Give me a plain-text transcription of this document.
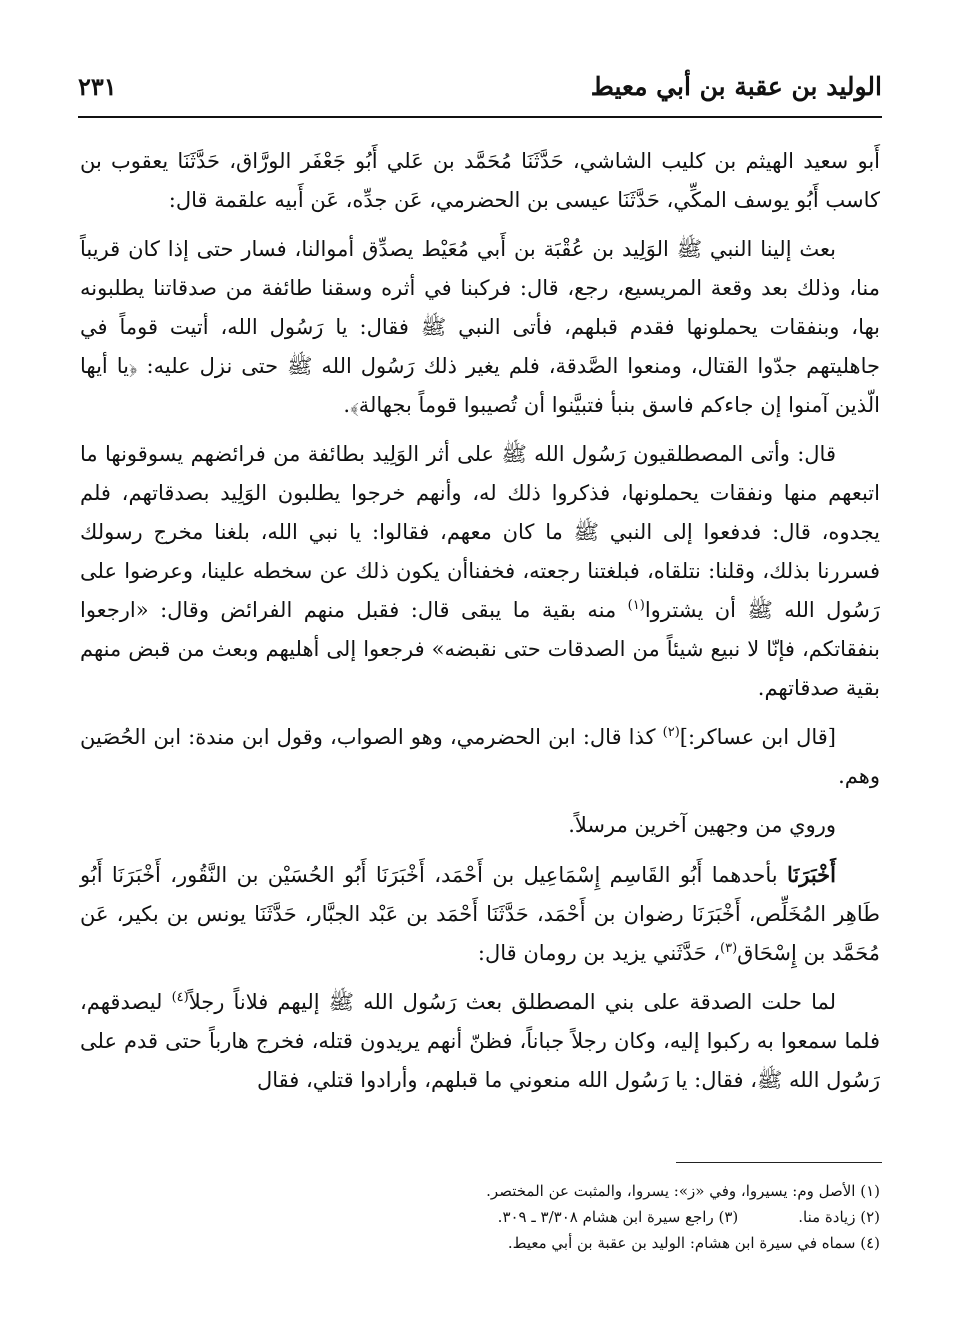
الوليد بن عقبة بن أبي معيط
٢٣١

أَبو سعيد الهيثم بن كليب الشاشي، حَدَّثَنَا مُحَمَّد بن عَلي أَبُو جَعْفَر الورَّاق، حَدَّثَنَا يعقوب بن كاسب أَبُو يوسف المكِّي، حَدَّثَنَا عيسى بن الحضرمي، عَن جدِّه، عَن أَبيه علقمة قال:

بعث إلينا النبي ﷺ الوَلِيد بن عُقْبَة بن أَبي مُعَيْط يصدِّق أموالنا، فسار حتى إذا كان قريباً منا، وذلك بعد وقعة المريسيع، رجع، قال: فركبنا في أثره وسقنا طائفة من صدقاتنا يطلبونه بها، وبنفقات يحملونها فقدم قبلهم، فأتى النبي ﷺ فقال: يا رَسُول الله، أتيت قوماً في جاهليتهم جدّوا القتال، ومنعوا الصَّدقة، فلم يغير ذلك رَسُول الله ﷺ حتى نزل عليه: ﴿يا أيها الّذين آمنوا إن جاءكم فاسق بنبأ فتبيَّنوا أن تُصيبوا قوماً بجهالة﴾.

قال: وأتى المصطلقيون رَسُول الله ﷺ على أثر الوَلِيد بطائفة من فرائضهم يسوقونها ما اتبعهم منها ونفقات يحملونها، فذكروا ذلك له، وأنهم خرجوا يطلبون الوَلِيد بصدقاتهم، فلم يجدوه، قال: فدفعوا إلى النبي ﷺ ما كان معهم، فقالوا: يا نبي الله، بلغنا مخرج رسولك فسررنا بذلك، وقلنا: نتلقاه، فبلغتنا رجعته، فخفناأن يكون ذلك عن سخطه علينا، وعرضوا على رَسُول الله ﷺ أن يشتروا$^{(١)}$ منه بقية ما يبقى قال: فقبل منهم الفرائض وقال: «ارجعوا بنفقاتكم، فإنّا لا نبيع شيئاً من الصدقات حتى نقبضه» فرجعوا إلى أهليهم وبعث من قبض منهم بقية صدقاتهم.

[قال ابن عساكر:]$^{(٢)}$ كذا قال: ابن الحضرمي، وهو الصواب، وقول ابن مندة: ابن الحُصَين وهم.

وروي من وجهين آخرين مرسلاً.

أَخْبَرَنَا بأحدهما أَبُو القَاسِم إِسْمَاعِيل بن أَحْمَد، أَخْبَرَنَا أَبُو الحُسَيْن بن النَّقُور، أَخْبَرَنَا أَبُو طَاهِر المُخَلِّص، أَخْبَرَنَا رضوان بن أَحْمَد، حَدَّثَنَا أَحْمَد بن عَبْد الجبَّار، حَدَّثَنَا يونس بن بكير، عَن مُحَمَّد بن إِسْحَاق$^{(٣)}$، حَدَّثَني يزيد بن رومان قال:

لما حلت الصدقة على بني المصطلق بعث رَسُول الله ﷺ إليهم فلاناً رجلاً$^{(٤)}$ ليصدقهم، فلما سمعوا به ركبوا إليه، وكان رجلاً جباناً، فظنّ أنهم يريدون قتله، فخرج هارباً حتى قدم على رَسُول الله ﷺ، فقال: يا رَسُول الله منعوني ما قبلهم، وأرادوا قتلي، فقال

(١) الأصل وم: يسيروا، وفي «ز»: يسروا، والمثبت عن المختصر.
(٢) زيادة منا.
(٣) راجع سيرة ابن هشام ٣/٣٠٨ ـ ٣٠٩.
(٤) سماه في سيرة ابن هشام: الوليد بن عقبة بن أبي معيط.
